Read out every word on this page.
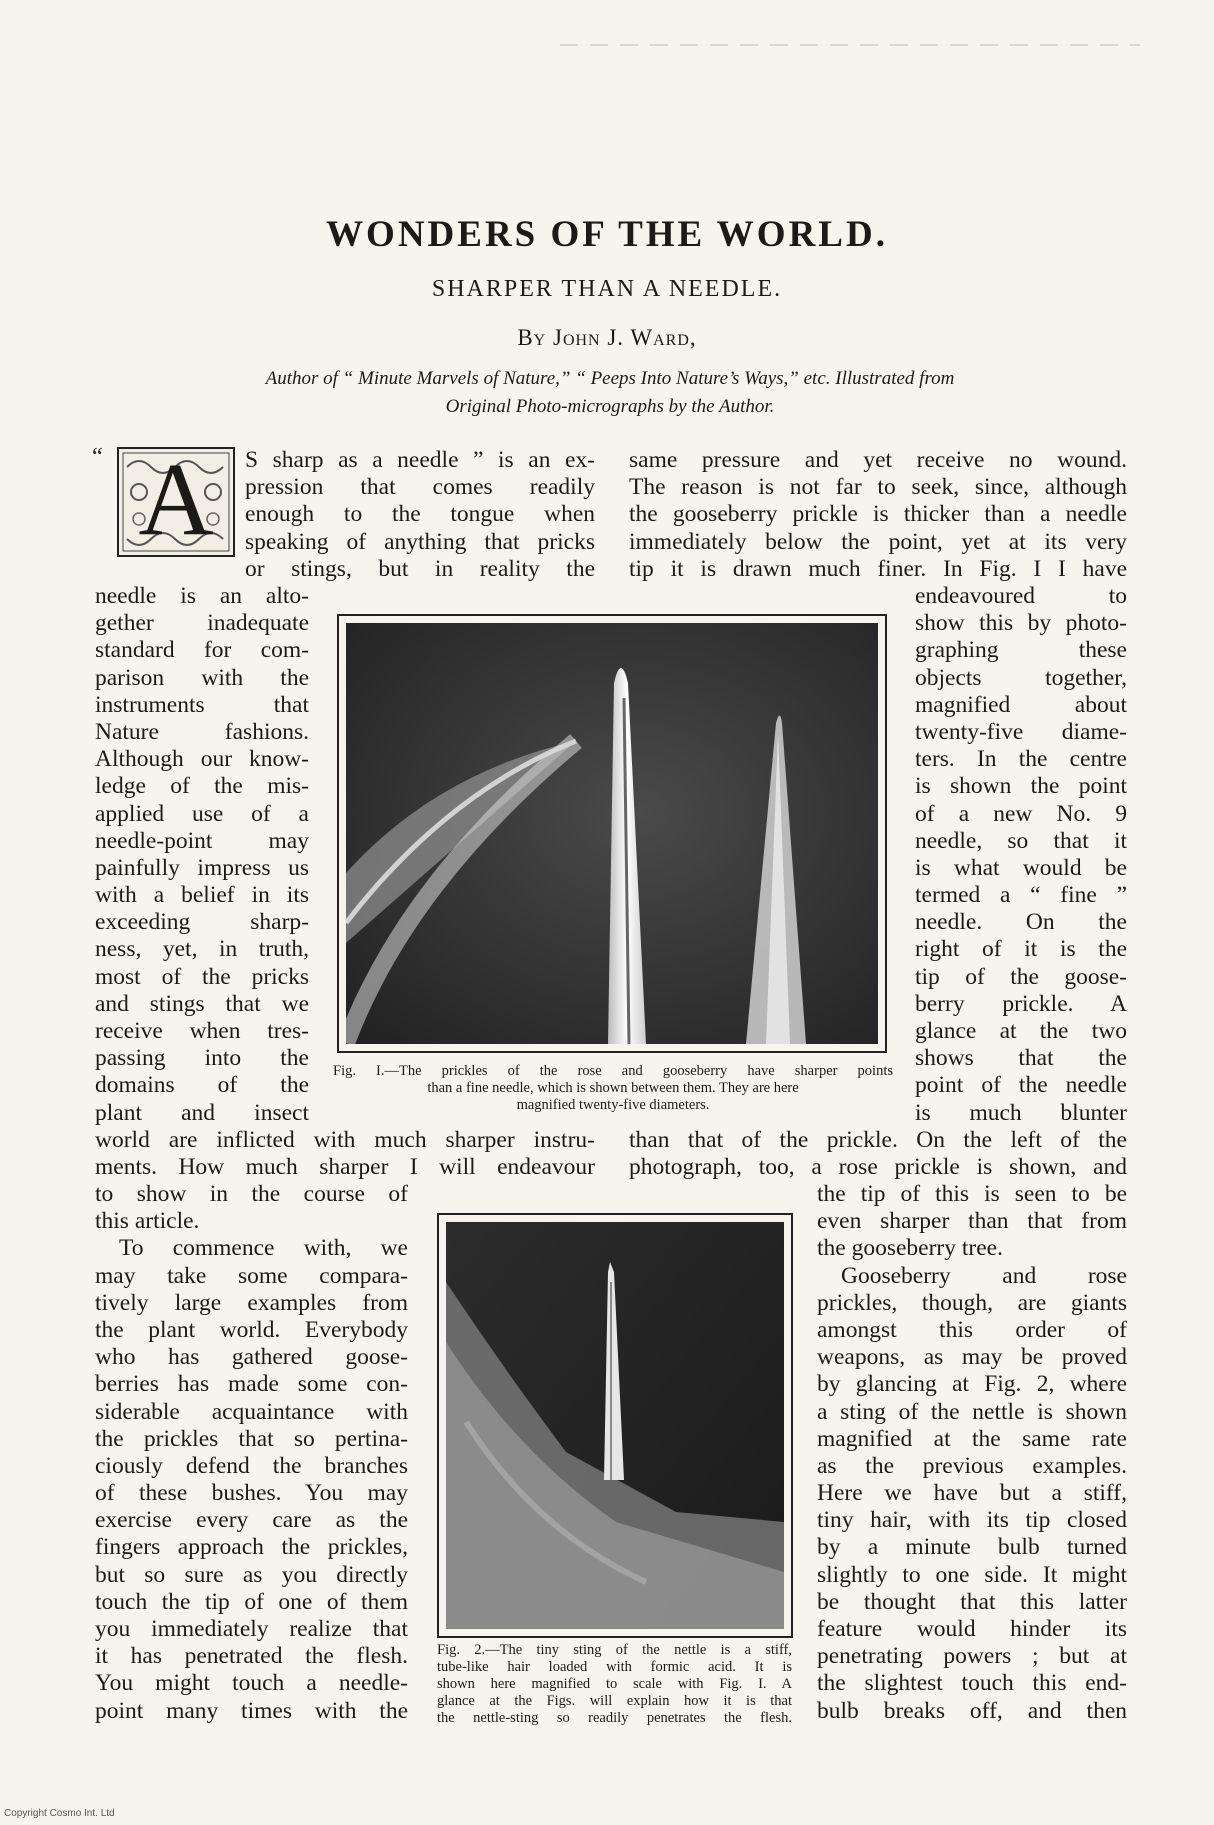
WONDERS OF THE WORLD.
SHARPER THAN A NEEDLE.
By John J. Ward,
Author of “ Minute Marvels of Nature,” “ Peeps Into Nature’s Ways,” etc. Illustrated from
Original Photo-micrographs by the Author.
“ A	S sharp as a needle ” is an ex-
pression that comes readily
enough to the tongue when
speaking of anything that pricks
or stings, but in reality the
needle is an alto-
gether inadequate
standard for com-
parison with the
instruments that
Nature fashions.
Although our know-
ledge of the mis-
applied use of a
needle-point may
painfully impress us
with a belief in its
exceeding sharp-
ness, yet, in truth,
most of the pricks
and stings that we
receive when tres-
passing into the
domains of the
plant and insect
world are inflicted with much sharper instru-
ments. How much sharper I will endeavour
to show in the course of
this article.
To commence with, we
may take some compara-
tively large examples from
the plant world. Everybody
who has gathered goose-
berries has made some con-
siderable acquaintance with
the prickles that so pertina-
ciously defend the branches
of these bushes. You may
exercise every care as the
fingers approach the prickles,
but so sure as you directly
touch the tip of one of them
you immediately realize that
it has penetrated the flesh.
You might touch a needle-
point many times with the
same pressure and yet receive no wound.
The reason is not far to seek, since, although
the gooseberry prickle is thicker than a needle
immediately below the point, yet at its very
tip it is drawn much finer. In Fig. I I have
endeavoured to
show this by photo-
graphing these
objects together,
magnified about
twenty-five diame-
ters. In the centre
is shown the point
of a new No. 9
needle, so that it
is what would be
termed a “ fine ”
needle. On the
right of it is the
tip of the goose-
berry prickle. A
glance at the two
shows that the
point of the needle
is much blunter
than that of the prickle. On the left of the
photograph, too, a rose prickle is shown, and
the tip of this is seen to be
even sharper than that from
the gooseberry tree.
Gooseberry and rose
prickles, though, are giants
amongst this order of
weapons, as may be proved
by glancing at Fig. 2, where
a sting of the nettle is shown
magnified at the same rate
as the previous examples.
Here we have but a stiff,
tiny hair, with its tip closed
by a minute bulb turned
slightly to one side. It might
be thought that this latter
feature would hinder its
penetrating powers ; but at
the slightest touch this end-
bulb breaks off, and then
Fig. I.—The prickles of the rose and gooseberry have sharper points
than a fine needle, which is shown between them. They are here
magnified twenty-five diameters.
Fig. 2.—The tiny sting of the nettle is a stiff,
tube-like hair loaded with formic acid. It is
shown here magnified to scale with Fig. I. A
glance at the Figs. will explain how it is that
the nettle-sting so readily penetrates the flesh.
Copyright Cosmo Int. Ltd
